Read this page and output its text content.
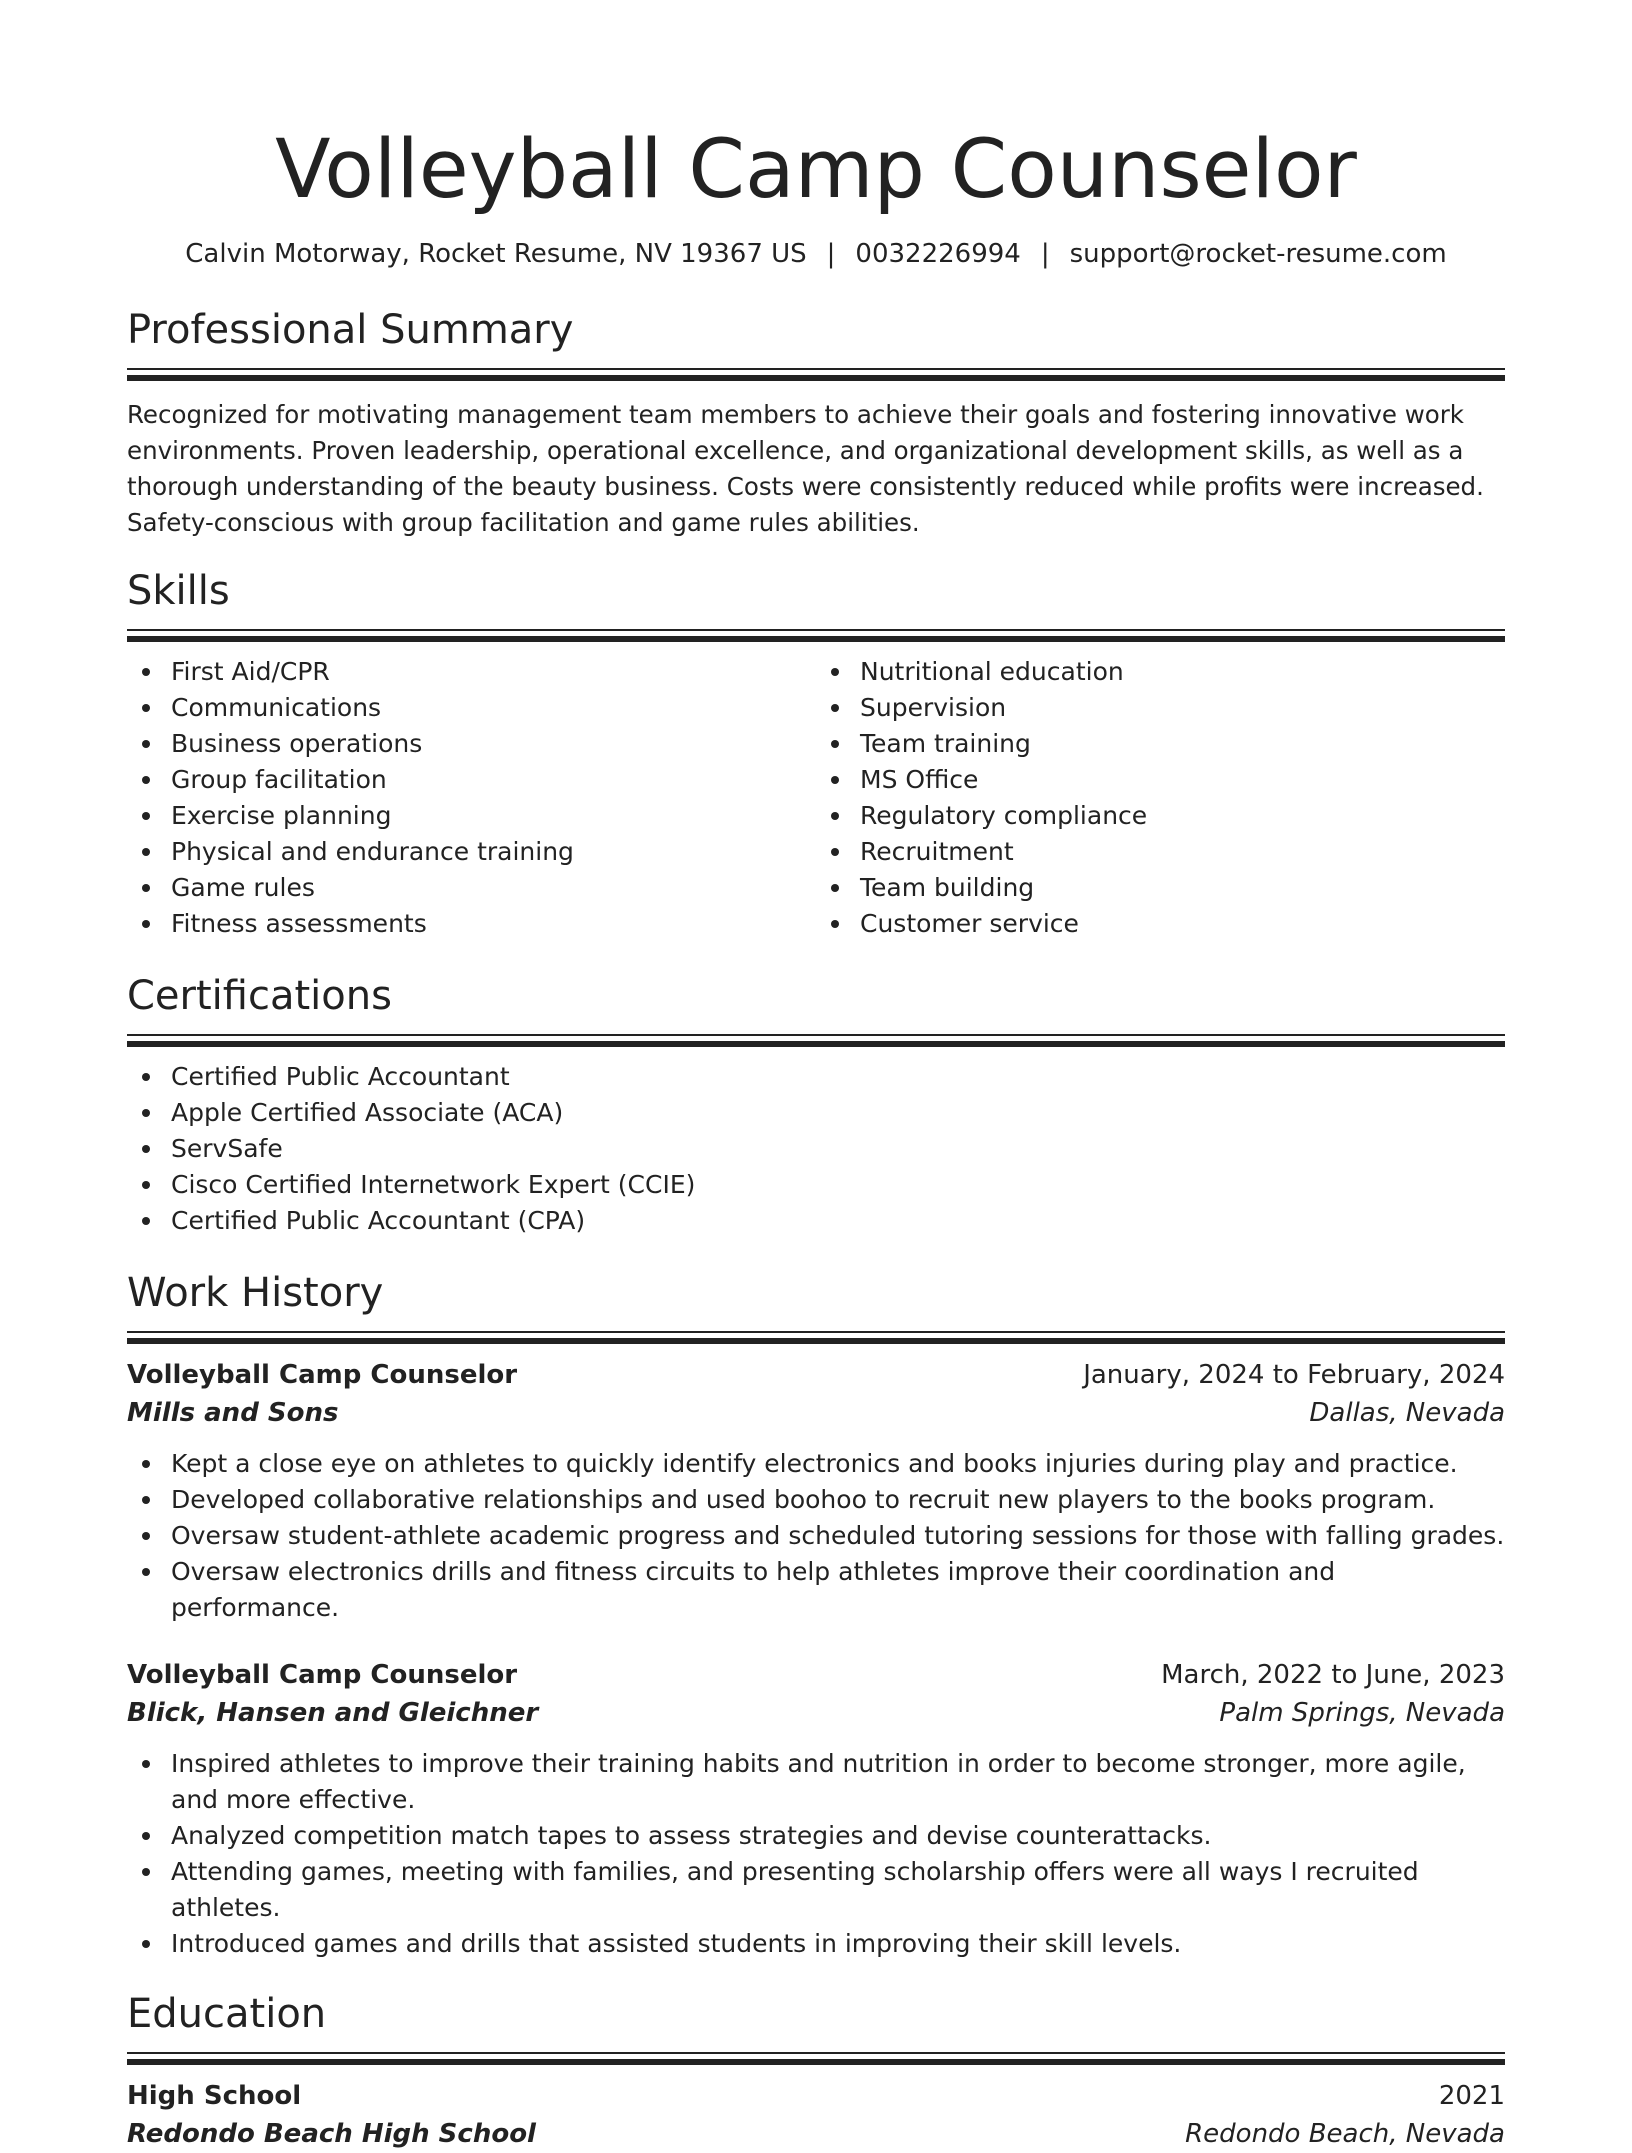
Volleyball Camp Counselor
Calvin Motorway, Rocket Resume, NV 19367 US | 0032226994 | support@rocket-resume.com
Professional Summary

Recognized for motivating management team members to achieve their goals and fostering innovative work environments. Proven leadership, operational excellence, and organizational development skills, as well as a thorough understanding of the beauty business. Costs were consistently reduced while profits were increased. Safety-conscious with group facilitation and game rules abilities.

Skills
First Aid/CPR
Communications
Business operations
Group facilitation
Exercise planning
Physical and endurance training
Game rules
Fitness assessments
Nutritional education
Supervision
Team training
MS Office
Regulatory compliance
Recruitment
Team building
Customer service
Certifications
Certified Public Accountant
Apple Certified Associate (ACA)
ServSafe
Cisco Certified Internetwork Expert (CCIE)
Certified Public Accountant (CPA)
Work History
Volleyball Camp Counselor	January, 2024 to February, 2024
Mills and Sons	Dallas, Nevada
Kept a close eye on athletes to quickly identify electronics and books injuries during play and practice.
Developed collaborative relationships and used boohoo to recruit new players to the books program.
Oversaw student-athlete academic progress and scheduled tutoring sessions for those with falling grades.
Oversaw electronics drills and fitness circuits to help athletes improve their coordination and performance.
Volleyball Camp Counselor	March, 2022 to June, 2023
Blick, Hansen and Gleichner	Palm Springs, Nevada
Inspired athletes to improve their training habits and nutrition in order to become stronger, more agile, and more effective.
Analyzed competition match tapes to assess strategies and devise counterattacks.
Attending games, meeting with families, and presenting scholarship offers were all ways I recruited athletes.
Introduced games and drills that assisted students in improving their skill levels.
Education
High School	2021
Redondo Beach High School	Redondo Beach, Nevada
